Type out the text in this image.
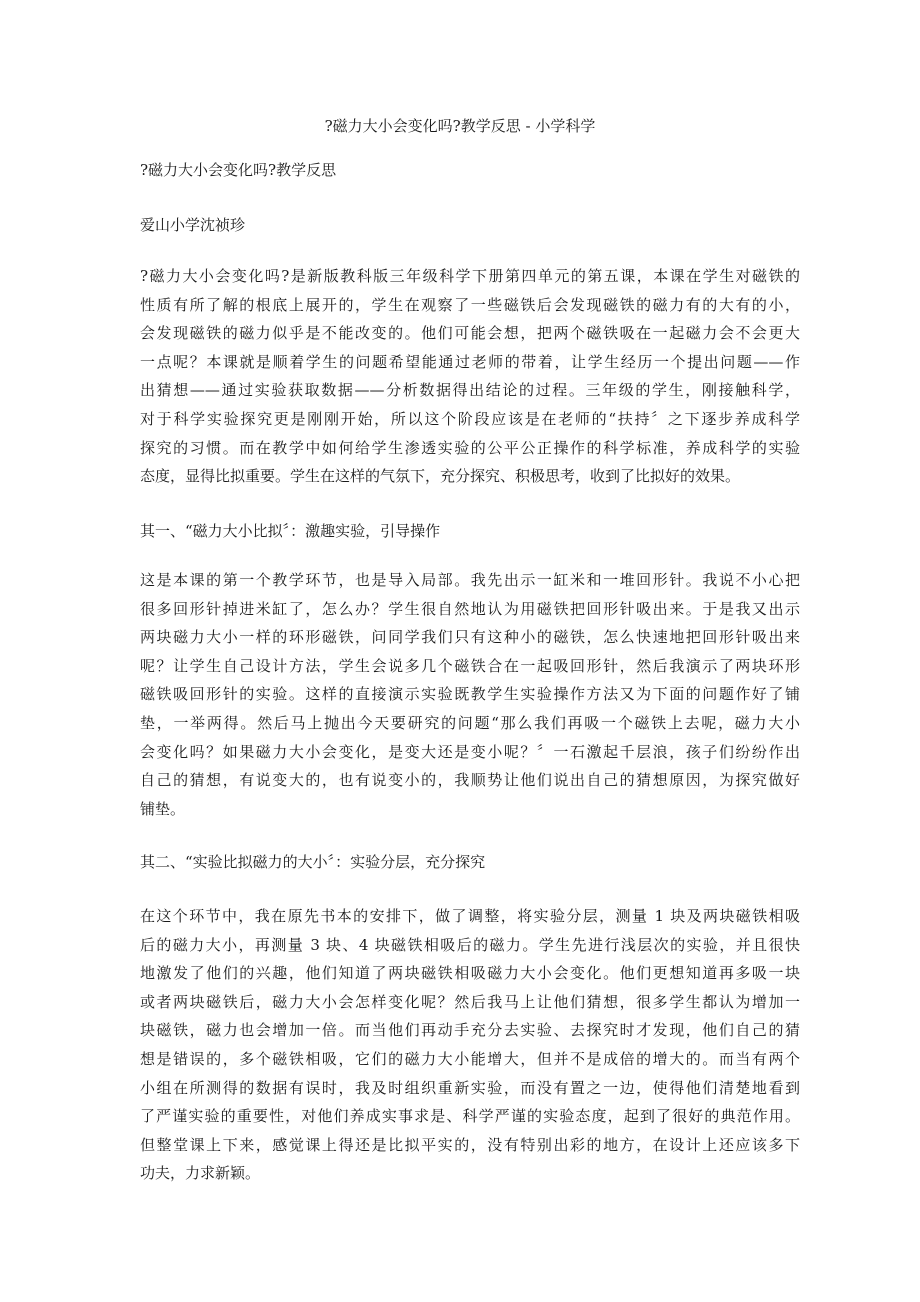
?磁力大小会变化吗?教学反思 - 小学科学
?磁力大小会变化吗?教学反思
爱山小学沈祯珍
?磁力大小会变化吗?是新版教科版三年级科学下册第四单元的第五课，本课在学生对磁铁的
性质有所了解的根底上展开的，学生在观察了一些磁铁后会发现磁铁的磁力有的大有的小，
会发现磁铁的磁力似乎是不能改变的。他们可能会想，把两个磁铁吸在一起磁力会不会更大
一点呢？本课就是顺着学生的问题希望能通过老师的带着，让学生经历一个提出问题——作
出猜想——通过实验获取数据——分析数据得出结论的过程。三年级的学生，刚接触科学，
对于科学实验探究更是刚刚开始，所以这个阶段应该是在老师的“扶持〞之下逐步养成科学
探究的习惯。而在教学中如何给学生渗透实验的公平公正操作的科学标准，养成科学的实验
态度，显得比拟重要。学生在这样的气氛下，充分探究、积极思考，收到了比拟好的效果。
其一、“磁力大小比拟〞：激趣实验，引导操作
这是本课的第一个教学环节，也是导入局部。我先出示一缸米和一堆回形针。我说不小心把
很多回形针掉进米缸了，怎么办？学生很自然地认为用磁铁把回形针吸出来。于是我又出示
两块磁力大小一样的环形磁铁，问同学我们只有这种小的磁铁，怎么快速地把回形针吸出来
呢？让学生自己设计方法，学生会说多几个磁铁合在一起吸回形针，然后我演示了两块环形
磁铁吸回形针的实验。这样的直接演示实验既教学生实验操作方法又为下面的问题作好了铺
垫，一举两得。然后马上抛出今天要研究的问题“那么我们再吸一个磁铁上去呢，磁力大小
会变化吗？如果磁力大小会变化，是变大还是变小呢？〞一石激起千层浪，孩子们纷纷作出
自己的猜想，有说变大的，也有说变小的，我顺势让他们说出自己的猜想原因，为探究做好
铺垫。
其二、“实验比拟磁力的大小〞：实验分层，充分探究
在这个环节中，我在原先书本的安排下，做了调整，将实验分层，测量 1 块及两块磁铁相吸
后的磁力大小，再测量 3 块、4 块磁铁相吸后的磁力。学生先进行浅层次的实验，并且很快
地激发了他们的兴趣，他们知道了两块磁铁相吸磁力大小会变化。他们更想知道再多吸一块
或者两块磁铁后，磁力大小会怎样变化呢？然后我马上让他们猜想，很多学生都认为增加一
块磁铁，磁力也会增加一倍。而当他们再动手充分去实验、去探究时才发现，他们自己的猜
想是错误的，多个磁铁相吸，它们的磁力大小能增大，但并不是成倍的增大的。而当有两个
小组在所测得的数据有误时，我及时组织重新实验，而没有置之一边，使得他们清楚地看到
了严谨实验的重要性，对他们养成实事求是、科学严谨的实验态度，起到了很好的典范作用。
但整堂课上下来，感觉课上得还是比拟平实的，没有特别出彩的地方，在设计上还应该多下
功夫，力求新颖。
